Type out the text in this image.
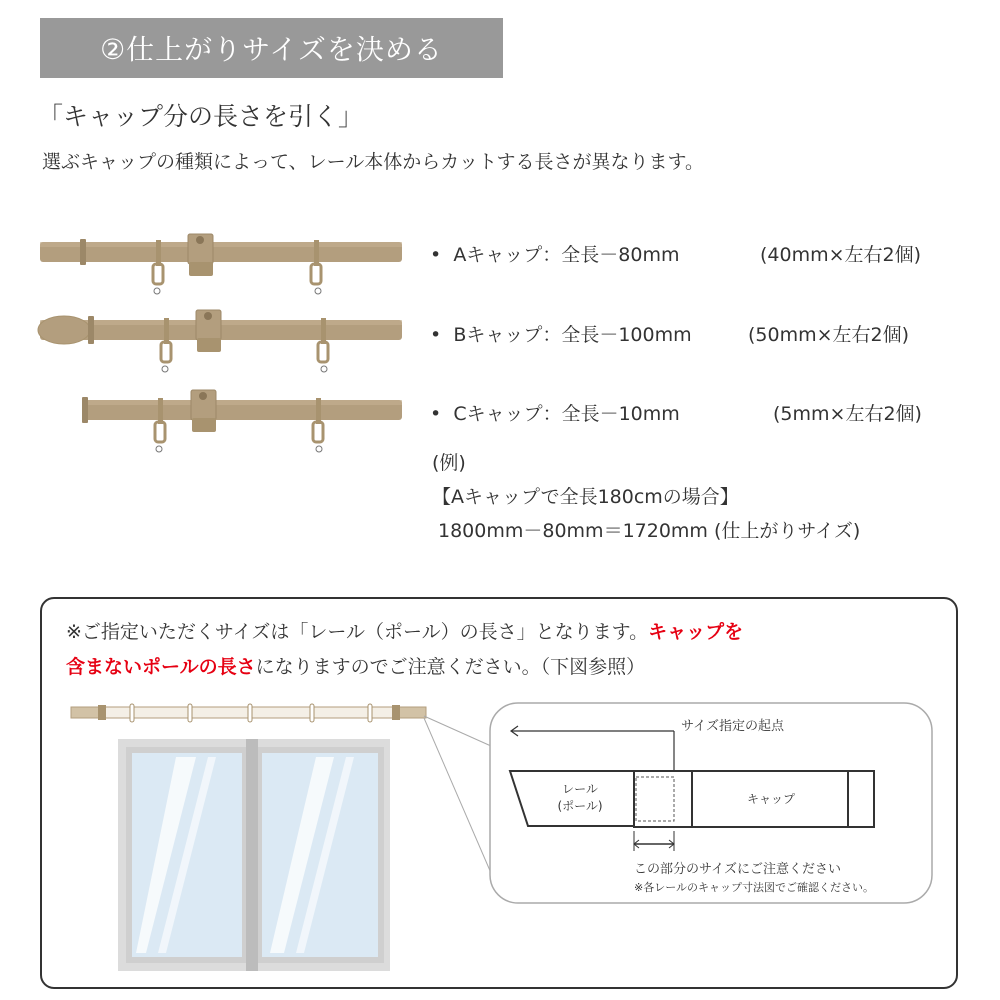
②仕上がりサイズを決める
「キャップ分の長さを引く」
選ぶキャップの種類によって、レール本体からカットする長さが異なります。
• Aキャップ：全長－80mm	(40mm×左右2個)
• Bキャップ：全長－100mm	(50mm×左右2個)
• Cキャップ：全長－10mm	(5mm×左右2個)
(例)
【Aキャップで全長180cmの場合】
1800mm－80mm＝1720mm (仕上がりサイズ)
※ご指定いただくサイズは「レール（ポール）の長さ」となります。キャップを
含まないポールの長さになりますのでご注意ください。（下図参照）
サイズ指定の起点
レール
(ポール)	キャップ
この部分のサイズにご注意ください
※各レールのキャップ寸法図でご確認ください。
